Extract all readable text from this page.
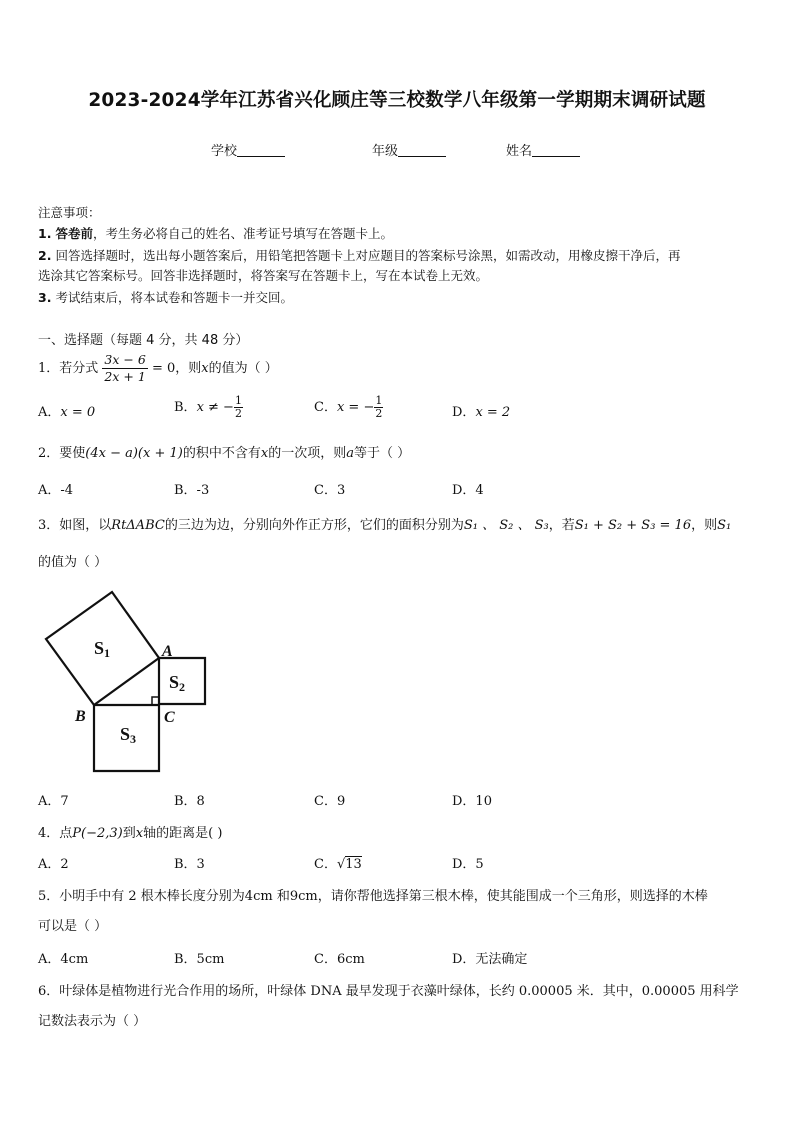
2023-2024学年江苏省兴化顾庄等三校数学八年级第一学期期末调研试题
学校	年级	姓名
注意事项：
1. 答卷前，考生务必将自己的姓名、准考证号填写在答题卡上。
2. 回答选择题时，选出每小题答案后，用铅笔把答题卡上对应题目的答案标号涂黑，如需改动，用橡皮擦干净后，再
选涂其它答案标号。回答非选择题时，将答案写在答题卡上，写在本试卷上无效。
3. 考试结束后，将本试卷和答题卡一并交回。
一、选择题（每题 4 分，共 48 分）
1．若分式 $\frac{3x - 6}{2x + 1} = 0$，则x的值为（ ）
A．x = 0	B．x ≠ − $\frac{1}{2}$	C．x = − $\frac{1}{2}$	D．x = 2
2．要使(4x − a)(x + 1)的积中不含有x的一次项，则a等于（ ）
A．-4	B．-3	C．3	D．4
3．如图，以RtΔABC的三边为边，分别向外作正方形，它们的面积分别为S₁ 、 S₂ 、 S₃，若S₁ + S₂ + S₃ = 16，则S₁
的值为（ ）
S1
S2
S3
A
B	C
A．7	B．8	C．9	D．10
4．点P(−2,3)到x轴的距离是( )
A．2	B．3	C．√13	D．5
5．小明手中有 2 根木棒长度分别为4cm 和9cm，请你帮他选择第三根木棒，使其能围成一个三角形，则选择的木棒
可以是（ ）
A．4cm	B．5cm	C．6cm	D．无法确定
6．叶绿体是植物进行光合作用的场所，叶绿体 DNA 最早发现于衣藻叶绿体，长约 0.00005 米．其中，0.00005 用科学
记数法表示为（ ）
